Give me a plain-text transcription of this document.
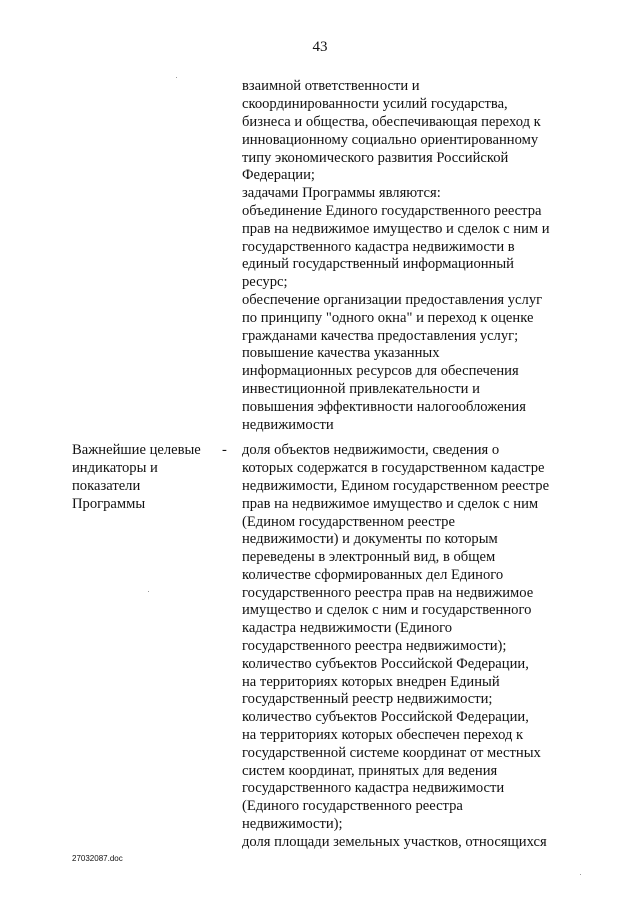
43
взаимной ответственности и
скоординированности усилий государства,
бизнеса и общества, обеспечивающая переход к
инновационному социально ориентированному
типу экономического развития Российской
Федерации;
задачами Программы являются:
объединение Единого государственного реестра
прав на недвижимое имущество и сделок с ним и
государственного кадастра недвижимости в
единый государственный информационный
ресурс;
обеспечение организации предоставления услуг
по принципу "одного окна" и переход к оценке
гражданами качества предоставления услуг;
повышение качества указанных
информационных ресурсов для обеспечения
инвестиционной привлекательности и
повышения эффективности налогообложения
недвижимости
Важнейшие целевые
индикаторы и
показатели
Программы
- доля объектов недвижимости, сведения о
которых содержатся в государственном кадастре
недвижимости, Едином государственном реестре
прав на недвижимое имущество и сделок с ним
(Едином государственном реестре
недвижимости) и документы по которым
переведены в электронный вид, в общем
количестве сформированных дел Единого
государственного реестра прав на недвижимое
имущество и сделок с ним и государственного
кадастра недвижимости (Единого
государственного реестра недвижимости);
количество субъектов Российской Федерации,
на территориях которых внедрен Единый
государственный реестр недвижимости;
количество субъектов Российской Федерации,
на территориях которых обеспечен переход к
государственной системе координат от местных
систем координат, принятых для ведения
государственного кадастра недвижимости
(Единого государственного реестра
недвижимости);
доля площади земельных участков, относящихся
27032087.doc
